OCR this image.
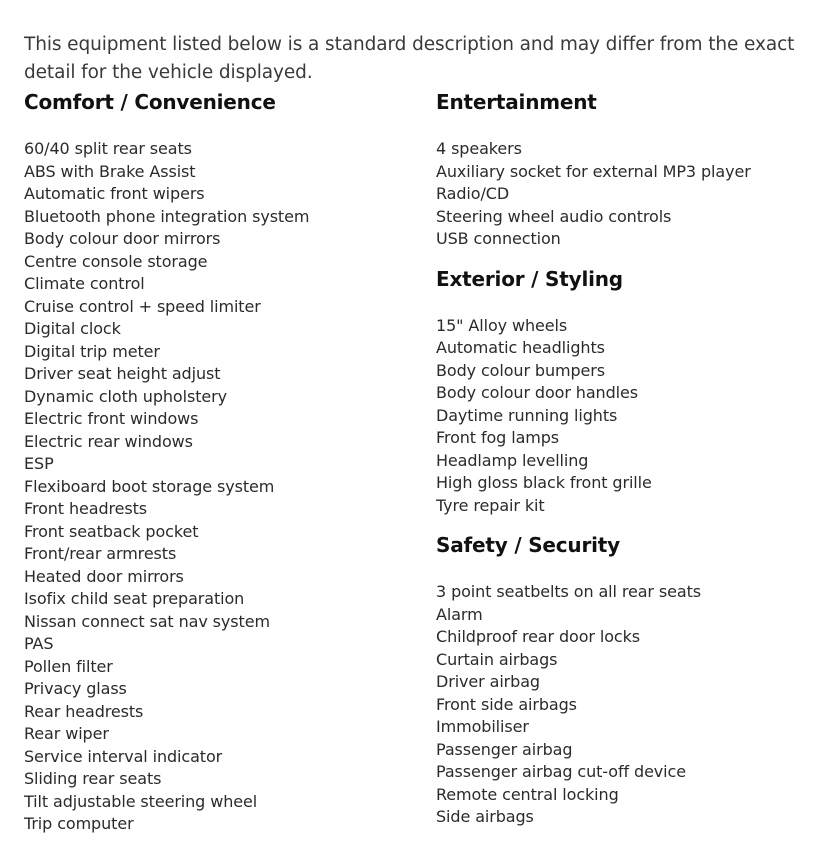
This equipment listed below is a standard description and may differ from the exact detail for the vehicle displayed.

Comfort / Convenience
60/40 split rear seats
ABS with Brake Assist
Automatic front wipers
Bluetooth phone integration system
Body colour door mirrors
Centre console storage
Climate control
Cruise control + speed limiter
Digital clock
Digital trip meter
Driver seat height adjust
Dynamic cloth upholstery
Electric front windows
Electric rear windows
ESP
Flexiboard boot storage system
Front headrests
Front seatback pocket
Front/rear armrests
Heated door mirrors
Isofix child seat preparation
Nissan connect sat nav system
PAS
Pollen filter
Privacy glass
Rear headrests
Rear wiper
Service interval indicator
Sliding rear seats
Tilt adjustable steering wheel
Trip computer
Entertainment
4 speakers
Auxiliary socket for external MP3 player
Radio/CD
Steering wheel audio controls
USB connection
Exterior / Styling
15" Alloy wheels
Automatic headlights
Body colour bumpers
Body colour door handles
Daytime running lights
Front fog lamps
Headlamp levelling
High gloss black front grille
Tyre repair kit
Safety / Security
3 point seatbelts on all rear seats
Alarm
Childproof rear door locks
Curtain airbags
Driver airbag
Front side airbags
Immobiliser
Passenger airbag
Passenger airbag cut-off device
Remote central locking
Side airbags
